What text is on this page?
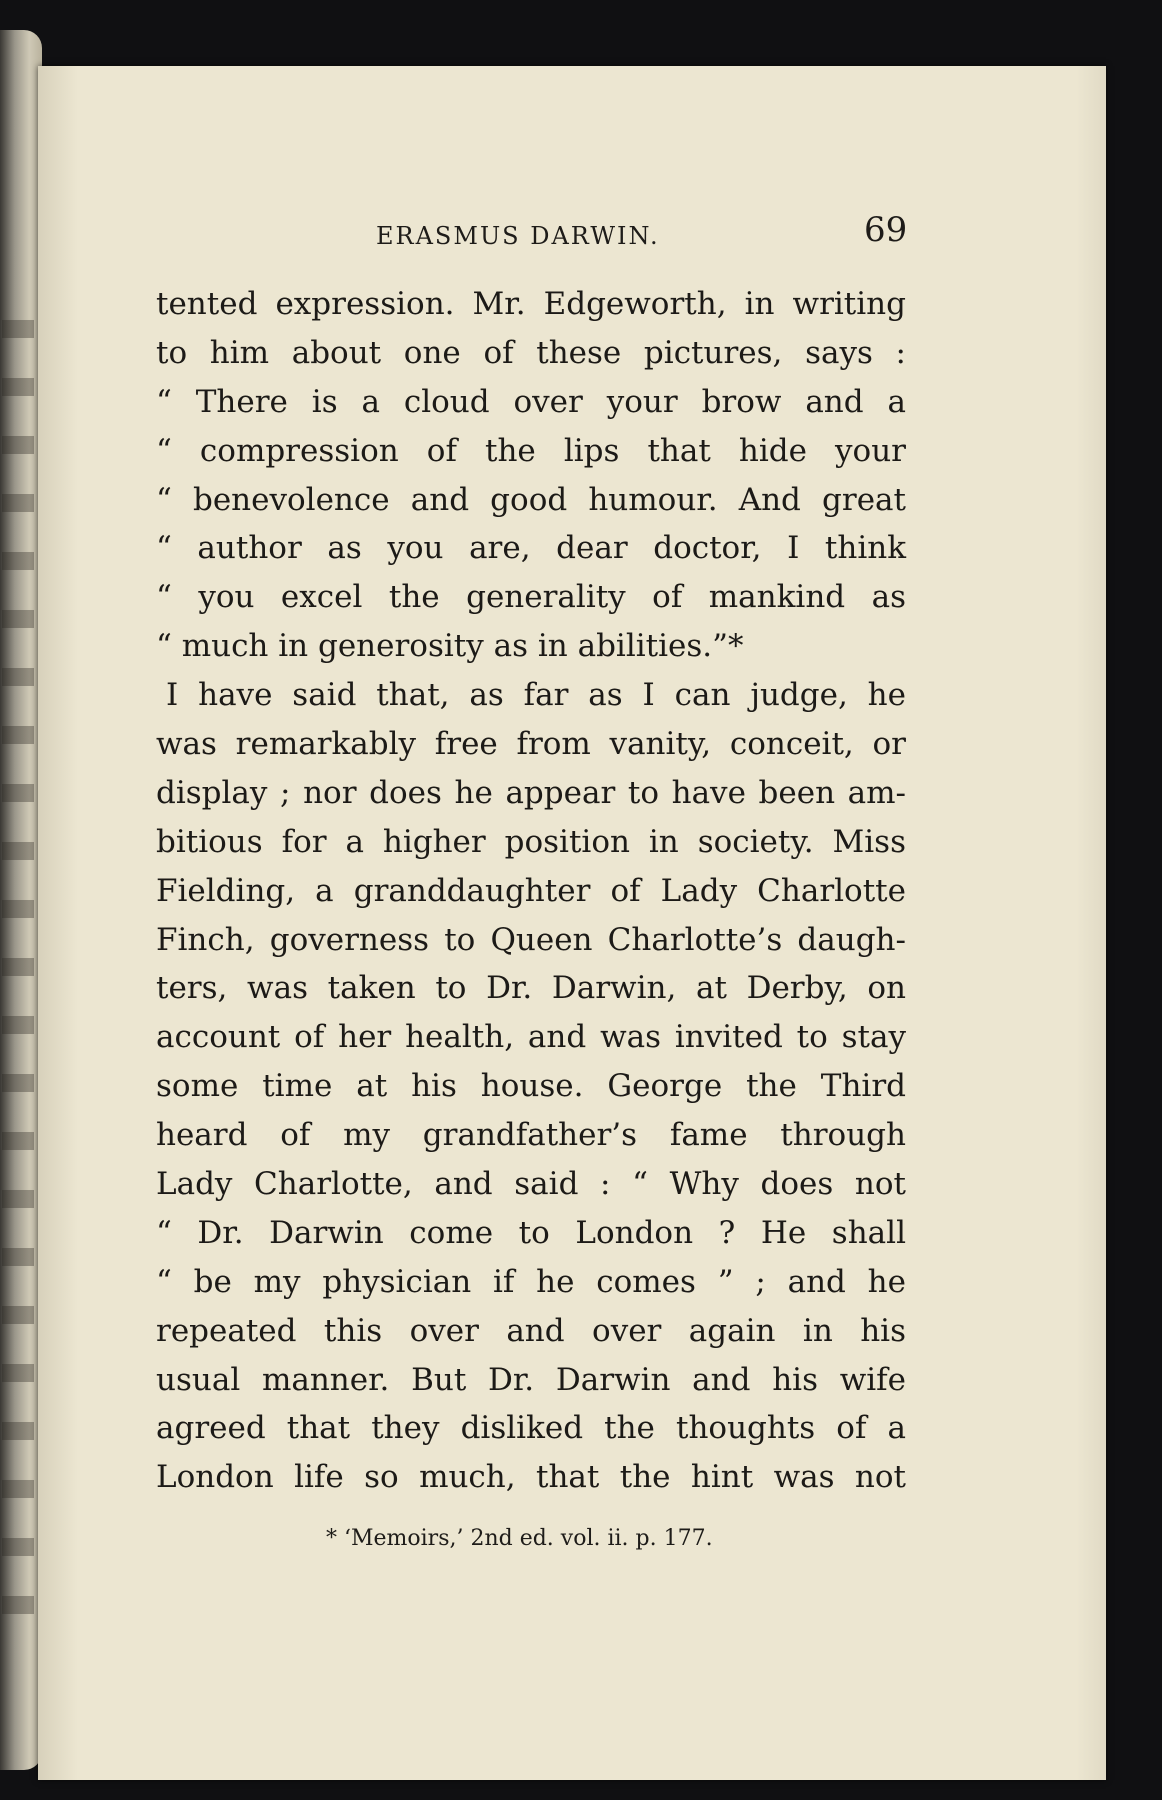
ERASMUS DARWIN.	69
tented expression. Mr. Edgeworth, in writing
to him about one of these pictures, says :
“ There is a cloud over your brow and a
“ compression of the lips that hide your
“ benevolence and good humour. And great
“ author as you are, dear doctor, I think
“ you excel the generality of mankind as
“ much in generosity as in abilities.”*
I have said that, as far as I can judge, he
was remarkably free from vanity, conceit, or
display ; nor does he appear to have been am-
bitious for a higher position in society. Miss
Fielding, a granddaughter of Lady Charlotte
Finch, governess to Queen Charlotte’s daugh-
ters, was taken to Dr. Darwin, at Derby, on
account of her health, and was invited to stay
some time at his house. George the Third
heard of my grandfather’s fame through
Lady Charlotte, and said : “ Why does not
“ Dr. Darwin come to London ? He shall
“ be my physician if he comes ” ; and he
repeated this over and over again in his
usual manner. But Dr. Darwin and his wife
agreed that they disliked the thoughts of a
London life so much, that the hint was not
* ‘Memoirs,’ 2nd ed. vol. ii. p. 177.
